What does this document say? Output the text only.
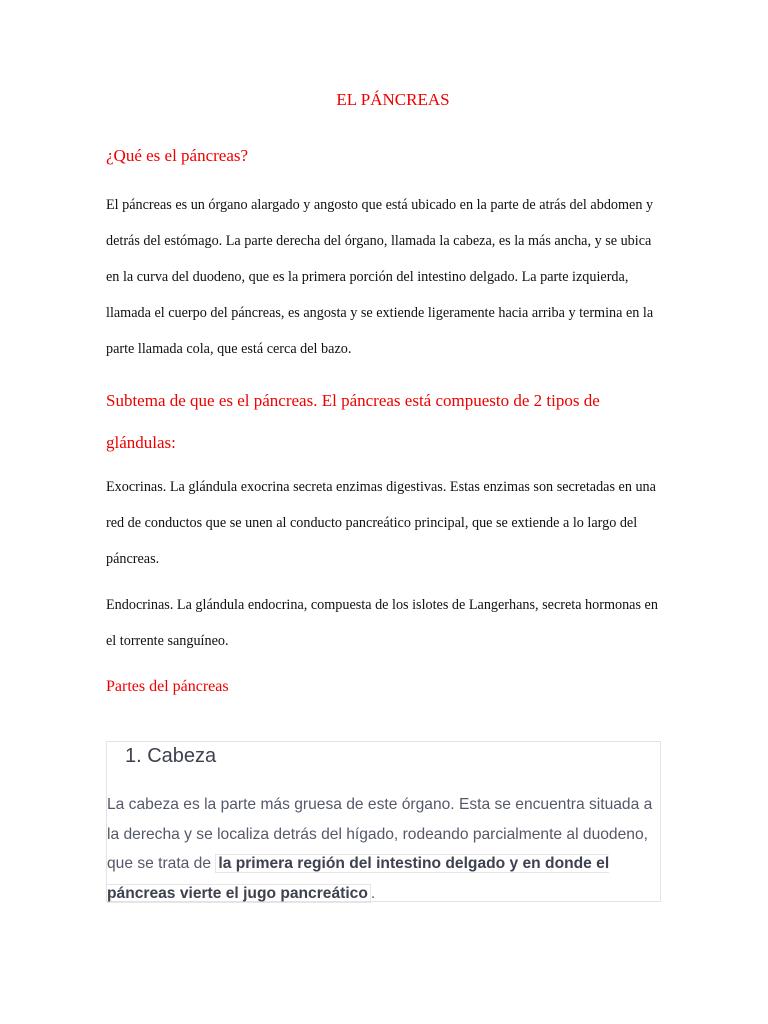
EL PÁNCREAS
¿Qué es el páncreas?

El páncreas es un órgano alargado y angosto que está ubicado en la parte de atrás del abdomen y detrás del estómago. La parte derecha del órgano, llamada la cabeza, es la más ancha, y se ubica en la curva del duodeno, que es la primera porción del intestino delgado. La parte izquierda, llamada el cuerpo del páncreas, es angosta y se extiende ligeramente hacia arriba y termina en la parte llamada cola, que está cerca del bazo.

Subtema de que es el páncreas. El páncreas está compuesto de 2 tipos de glándulas:

Exocrinas. La glándula exocrina secreta enzimas digestivas. Estas enzimas son secretadas en una red de conductos que se unen al conducto pancreático principal, que se extiende a lo largo del páncreas.

Endocrinas. La glándula endocrina, compuesta de los islotes de Langerhans, secreta hormonas en el torrente sanguíneo.

Partes del páncreas
1. Cabeza

La cabeza es la parte más gruesa de este órgano. Esta se encuentra situada a la derecha y se localiza detrás del hígado, rodeando parcialmente al duodeno, que se trata de la primera región del intestino delgado y en donde el páncreas vierte el jugo pancreático .
